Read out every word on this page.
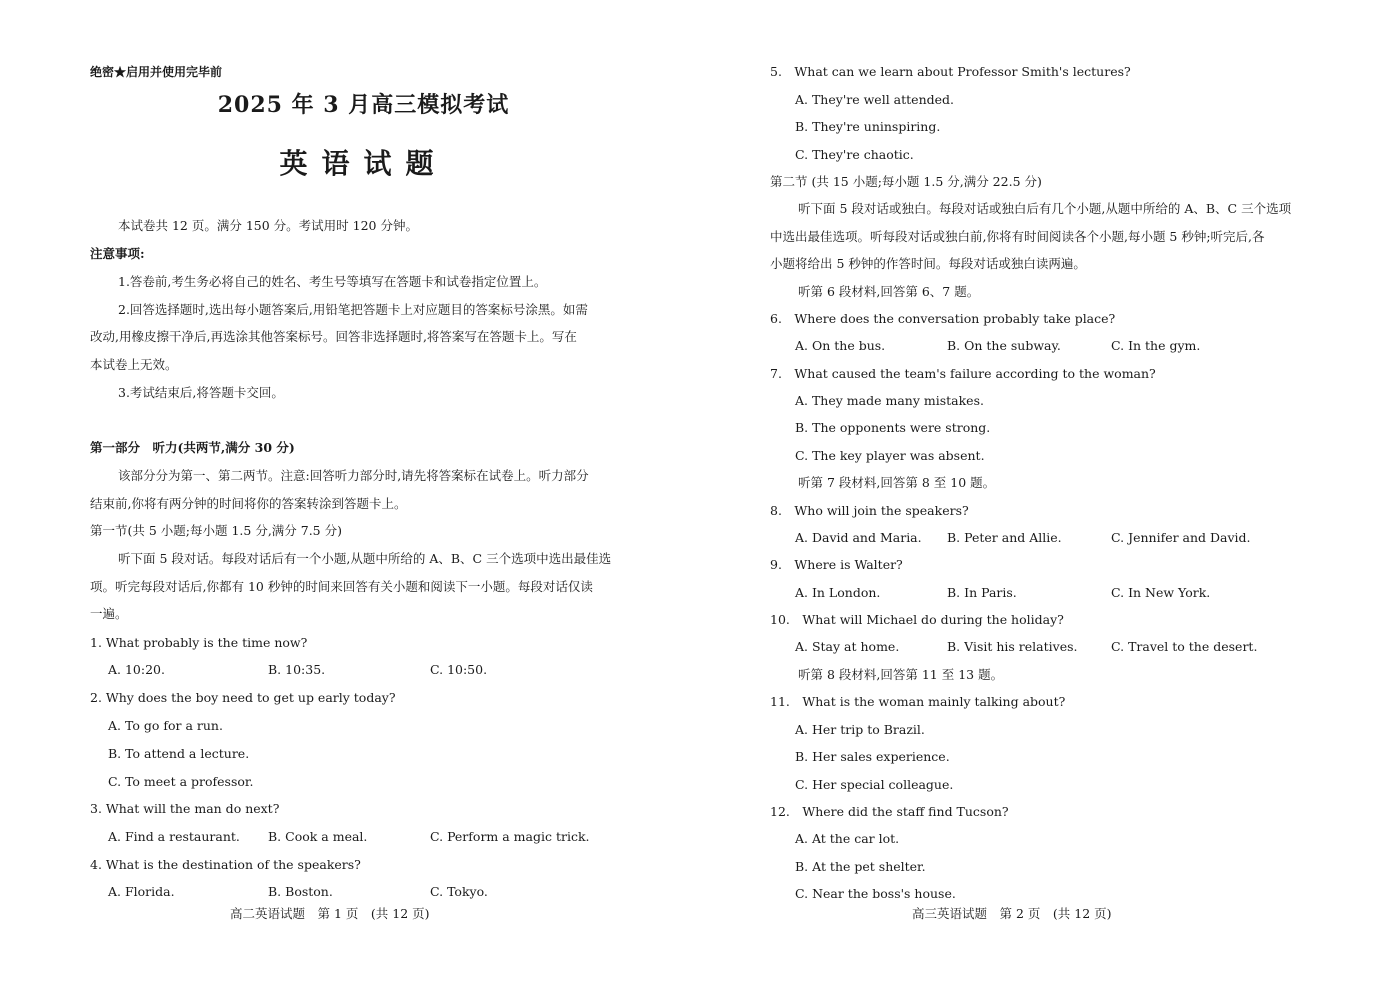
绝密★启用并使用完毕前
2025 年 3 月高三模拟考试
英语试题
本试卷共 12 页。满分 150 分。考试用时 120 分钟。
注意事项:
1.答卷前,考生务必将自己的姓名、考生号等填写在答题卡和试卷指定位置上。
2.回答选择题时,选出每小题答案后,用铅笔把答题卡上对应题目的答案标号涂黑。如需
改动,用橡皮擦干净后,再选涂其他答案标号。回答非选择题时,将答案写在答题卡上。写在
本试卷上无效。
3.考试结束后,将答题卡交回。
第一部分　听力(共两节,满分 30 分)
该部分分为第一、第二两节。注意:回答听力部分时,请先将答案标在试卷上。听力部分
结束前,你将有两分钟的时间将你的答案转涂到答题卡上。
第一节(共 5 小题;每小题 1.5 分,满分 7.5 分)
听下面 5 段对话。每段对话后有一个小题,从题中所给的 A、B、C 三个选项中选出最佳选
项。听完每段对话后,你都有 10 秒钟的时间来回答有关小题和阅读下一小题。每段对话仅读
一遍。
1. What probably is the time now?
A. 10:20.	B. 10:35.	C. 10:50.
2. Why does the boy need to get up early today?
A. To go for a run.
B. To attend a lecture.
C. To meet a professor.
3. What will the man do next?
A. Find a restaurant. B. Cook a meal.	C. Perform a magic trick.
4. What is the destination of the speakers?
A. Florida.	B. Boston.	C. Tokyo.
高二英语试题　第 1 页　(共 12 页)
5.　What can we learn about Professor Smith's lectures?
A. They're well attended.
B. They're uninspiring.
C. They're chaotic.
第二节 (共 15 小题;每小题 1.5 分,满分 22.5 分)
听下面 5 段对话或独白。每段对话或独白后有几个小题,从题中所给的 A、B、C 三个选项
中选出最佳选项。听每段对话或独白前,你将有时间阅读各个小题,每小题 5 秒钟;听完后,各
小题将给出 5 秒钟的作答时间。每段对话或独白读两遍。
听第 6 段材料,回答第 6、7 题。
6.　Where does the conversation probably take place?
A. On the bus.	B. On the subway.	C. In the gym.
7.　What caused the team's failure according to the woman?
A. They made many mistakes.
B. The opponents were strong.
C. The key player was absent.
听第 7 段材料,回答第 8 至 10 题。
8.　Who will join the speakers?
A. David and Maria. B. Peter and Allie.	C. Jennifer and David.
9.　Where is Walter?
A. In London.	B. In Paris.	C. In New York.
10.　What will Michael do during the holiday?
A. Stay at home.	B. Visit his relatives.	C. Travel to the desert.
听第 8 段材料,回答第 11 至 13 题。
11.　What is the woman mainly talking about?
A. Her trip to Brazil.
B. Her sales experience.
C. Her special colleague.
12.　Where did the staff find Tucson?
A. At the car lot.
B. At the pet shelter.
C. Near the boss's house.
高三英语试题　第 2 页　(共 12 页)
